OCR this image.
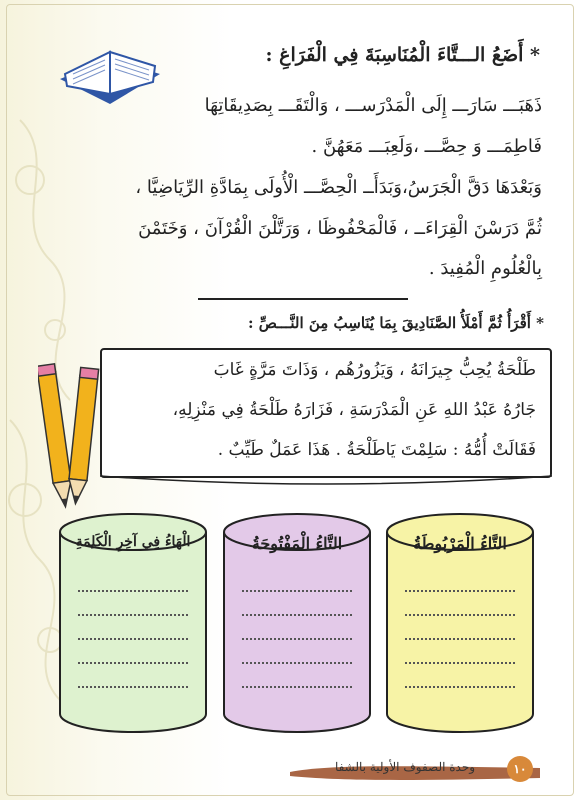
* أَضَعُ الـــتَّاءَ الْمُنَاسِبَةَ فِي الْفَرَاغِ :
ذَهَبَـــ سَارَـــ إِلَى الْمَدْرَســـ ، وَالْتَقَـــ بِصَدِيقَاتِهَا
فَاطِمَـــ وَ حِصَّـــ ،وَلَعِبَـــ مَعَهُنَّ .
وَبَعْدَهَا دَقَّ الْجَرَسُ،وَبَدَأَــ الْحِصَّـــ الْأُولَى بِمَادَّةِ الرِّيَاضِيَّا ،
ثُمَّ دَرَسْنَ الْقِرَاءَــ ، فَالْمَحْفُوظَا ، وَرَتَّلْنَ الْقُرْآنَ ، وَخَتَمْنَ
بِالْعُلُومِ الْمُفِيدَ .
* أَقْرَأُ ثُمَّ أَمْلَأُ الصَّنَادِيقَ بِمَا يُنَاسِبُ مِنَ النَّـــصِّ :
طَلْحَةُ يُحِبُّ جِيرَانَهُ ، وَيَزُورُهُم ، وَذَاتَ مَرَّةٍ غَابَ
جَارُهُ عَبْدُ اللهِ عَنِ الْمَدْرَسَةِ ، فَزَارَهُ طَلْحَةُ فِي مَنْزِلِهِ،
فَقَالَتْ أُمُّهُ : سَلِمْتَ يَاطَلْحَةُ . هَذَا عَمَلٌ طَيِّبٌ .
التَّاءُ الْمَرْبُوطَةُ
التَّاءُ الْمَفْتُوحَةُ
الْهَاءُ فِي آخِرِ الْكَلِمَةِ
وحدة الصفوف الأولية بالشفا	١٠
